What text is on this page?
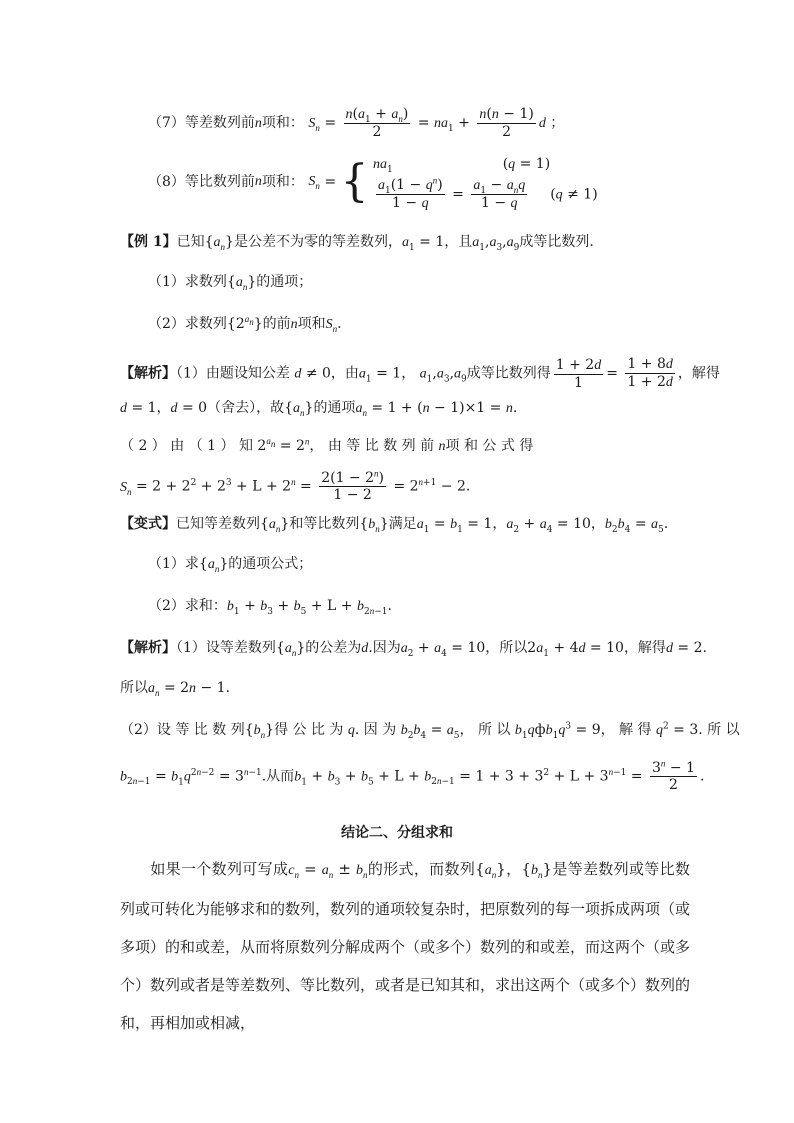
（7）等差数列前n项和： $S_n = \frac{n(a_1 + a_n)}{2} = na_1 + \frac{n(n - 1)}{2}$ d ；
（8）等比数列前n项和： $S_n$ = { $na_1$	(q = 1)
$\frac{a_1(1 - q^n)}{1 - q} = \frac{a_1 - a_nq}{1 - q} (q \ne 1)$
【例 1】已知$\{a_n\}$是公差不为零的等差数列，$a_1 = 1$，且$a_1,a_3,a_9$成等比数列.
（1）求数列$\{a_n\}$的通项；
（2）求数列$\{2^{a_n}\}$的前n项和$S_n$.
【解析】（1）由题设知公差 d ≠ 0，由$a_1 = 1$， $a_1,a_3,a_9$成等比数列得 $\frac{1 + 2d}{1} = \frac{1 + 8d}{1 + 2d}$ ，解得
d = 1，d = 0（舍去），故$\{a_n\}$的通项$a_n = 1 + (n - 1)\times 1 = n$.
（ 2 ） 由 （ 1 ） 知 $2^{a_n} = 2^n$， 由 等 比 数 列 前 n项 和 公 式 得
$S_n = 2 + 2^2 + 2^3 + L + 2^n = \frac{2(1 - 2^n)}{1 - 2} = 2^{n+1} - 2$.
【变式】已知等差数列$\{a_n\}$和等比数列$\{b_n\}$满足$a_1 = b_1 = 1$，$a_2 + a_4 = 10$，$b_2b_4 = a_5$.
（1）求$\{a_n\}$的通项公式；
（2）求和：$b_1 + b_3 + b_5 + L + b_{2n-1}$.
【解析】（1）设等差数列$\{a_n\}$的公差为d.因为$a_2 + a_4 = 10$，所以$2a_1 + 4d = 10$，解得d = 2.
所以$a_n = 2n - 1$.
（2）设 等 比 数 列$\{b_n\}$得 公 比 为 q. 因 为 $b_2b_4 = a_5$， 所 以 $b_1qфb_1q^3 = 9$， 解 得 $q^2 = 3$. 所 以
$b_{2n-1} = b_1q^{2n-2} = 3^{n-1}$.从而$b_1 + b_3 + b_5 + L + b_{2n-1} = 1 + 3 + 3^2 + L + 3^{n-1} = \frac{3^n - 1}{2}$ .
结论二、分组求和
如果一个数列可写成$c_n = a_n \pm b_n$的形式，而数列$\{a_n\}$，$\{b_n\}$是等差数列或等比数列或可转化为能够求和的数列，数列的通项较复杂时，把原数列的每一项拆成两项（或多项）的和或差，从而将原数列分解成两个（或多个）数列的和或差，而这两个（或多个）数列或者是等差数列、等比数列，或者是已知其和，求出这两个（或多个）数列的和，再相加或相减，
